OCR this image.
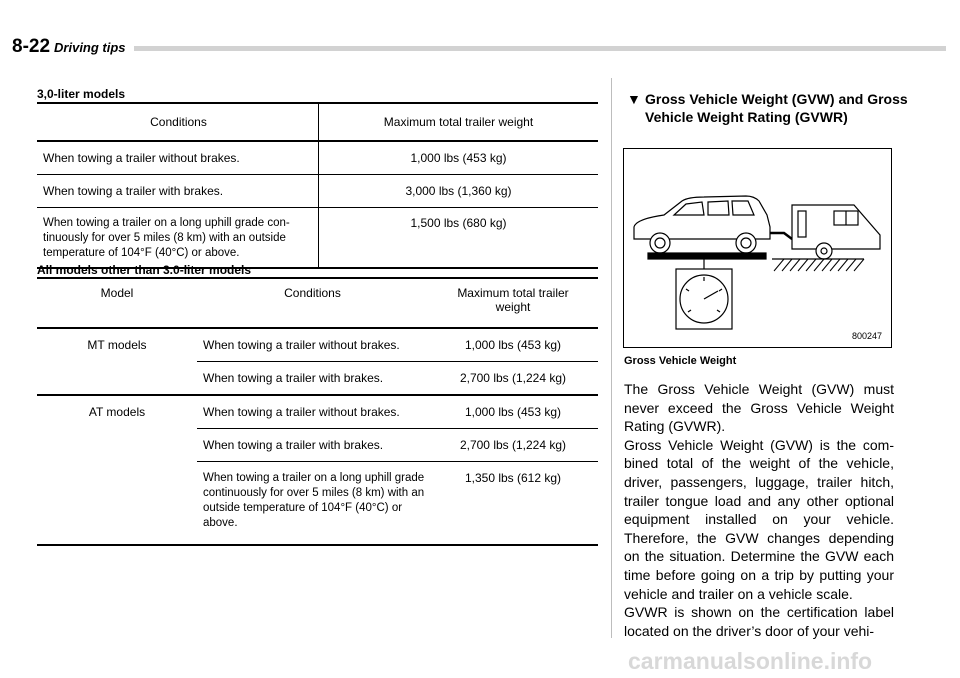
8-22 Driving tips
3,0-liter models
Conditions	Maximum total trailer weight
When towing a trailer without brakes.	1,000 lbs (453 kg)
When towing a trailer with brakes.	3,000 lbs (1,360 kg)
When towing a trailer on a long uphill grade con-tinuously for over 5 miles (8 km) with an outside temperature of 104°F (40°C) or above.	1,500 lbs (680 kg)
All models other than 3.0-liter models
Model	Conditions	Maximum total trailer weight
MT models	When towing a trailer without brakes.	1,000 lbs (453 kg)
	When towing a trailer with brakes.	2,700 lbs (1,224 kg)
AT models	When towing a trailer without brakes.	1,000 lbs (453 kg)
	When towing a trailer with brakes.	2,700 lbs (1,224 kg)
	When towing a trailer on a long uphill grade continuously for over 5 miles (8 km) with an outside temperature of 104°F (40°C) or above.	1,350 lbs (612 kg)
▼ Gross Vehicle Weight (GVW) and Gross Vehicle Weight Rating (GVWR)
800247
Gross Vehicle Weight

The Gross Vehicle Weight (GVW) must never exceed the Gross Vehicle Weight Rating (GVWR).

Gross Vehicle Weight (GVW) is the com-bined total of the weight of the vehicle, driver, passengers, luggage, trailer hitch, trailer tongue load and any other optional equipment installed on your vehicle. Therefore, the GVW changes depending on the situation. Determine the GVW each time before going on a trip by putting your vehicle and trailer on a vehicle scale.

GVWR is shown on the certification label located on the driver’s door of your vehi-

carmanualsonline.info
